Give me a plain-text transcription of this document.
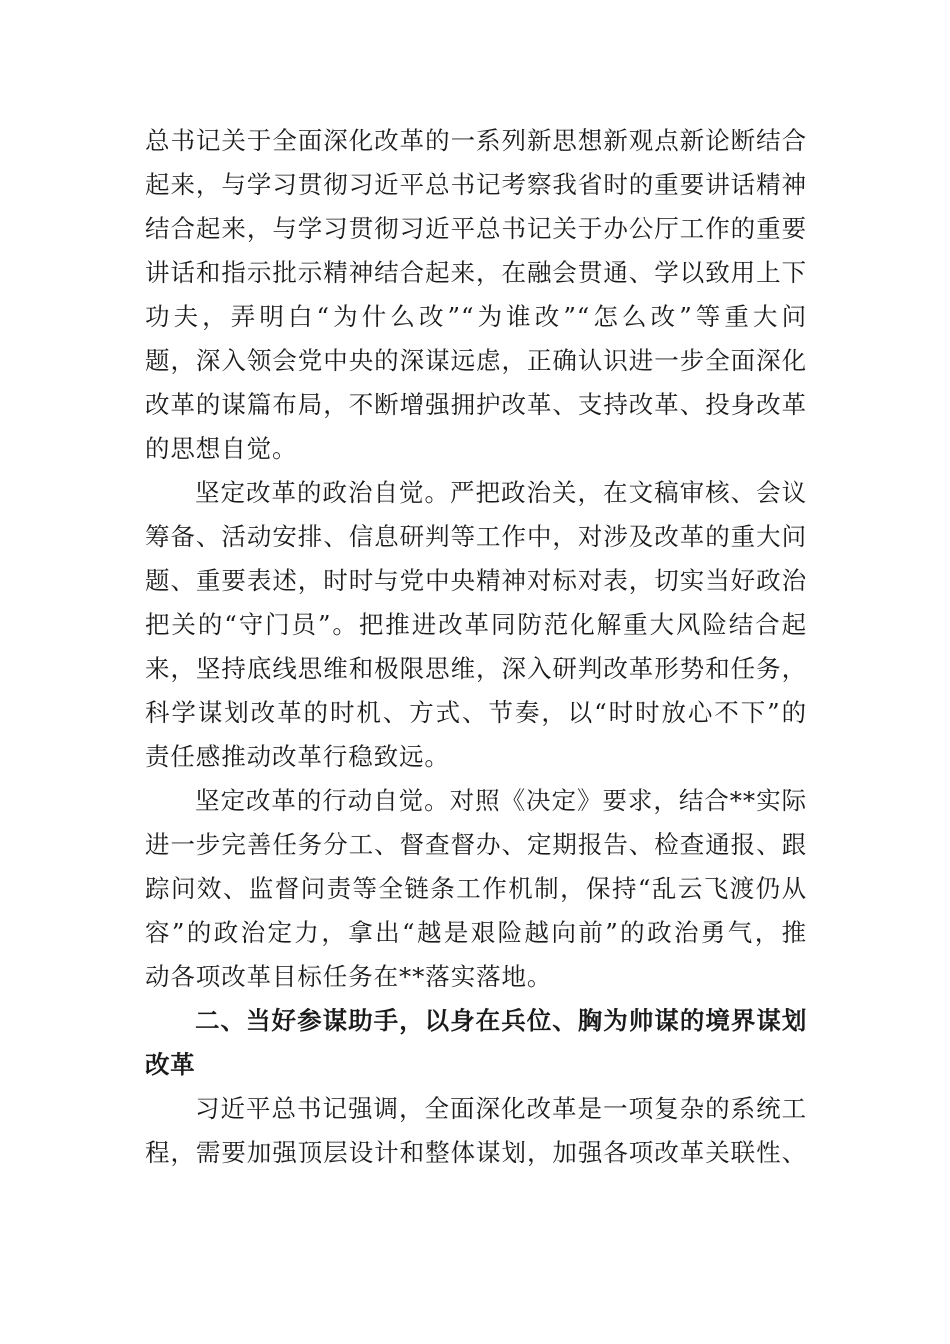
总书记关于全面深化改革的一系列新思想新观点新论断结合
起来，与学习贯彻习近平总书记考察我省时的重要讲话精神
结合起来，与学习贯彻习近平总书记关于办公厅工作的重要
讲话和指示批示精神结合起来，在融会贯通、学以致用上下
功夫，弄明白“为什么改”“为谁改”“怎么改”等重大问
题，深入领会党中央的深谋远虑，正确认识进一步全面深化
改革的谋篇布局，不断增强拥护改革、支持改革、投身改革
的思想自觉。
坚定改革的政治自觉。严把政治关，在文稿审核、会议
筹备、活动安排、信息研判等工作中，对涉及改革的重大问
题、重要表述，时时与党中央精神对标对表，切实当好政治
把关的“守门员”。把推进改革同防范化解重大风险结合起
来，坚持底线思维和极限思维，深入研判改革形势和任务，
科学谋划改革的时机、方式、节奏，以“时时放心不下”的
责任感推动改革行稳致远。
坚定改革的行动自觉。对照《决定》要求，结合**实际
进一步完善任务分工、督查督办、定期报告、检查通报、跟
踪问效、监督问责等全链条工作机制，保持“乱云飞渡仍从
容”的政治定力，拿出“越是艰险越向前”的政治勇气，推
动各项改革目标任务在**落实落地。
二、当好参谋助手，以身在兵位、胸为帅谋的境界谋划
改革
习近平总书记强调，全面深化改革是一项复杂的系统工
程，需要加强顶层设计和整体谋划，加强各项改革关联性、
